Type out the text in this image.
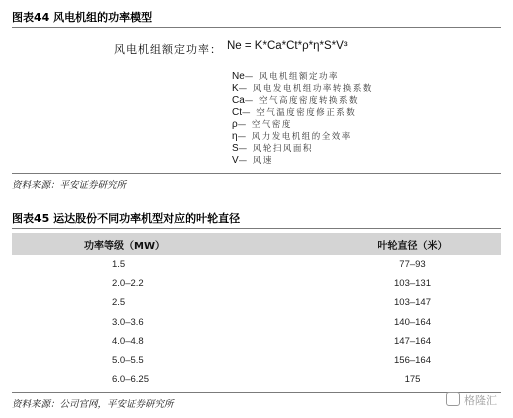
图表44 风电机组的功率模型
风电机组额定功率： Ne = K*Ca*Ct*ρ*η*S*V³
Ne— 风电机组额定功率
K— 风电发电机组功率转换系数
Ca— 空气高度密度转换系数
Ct— 空气温度密度修正系数
ρ— 空气密度
η— 风力发电机组的全效率
S— 风轮扫风面积
V— 风速
资料来源：平安证券研究所
图表45 运达股份不同功率机型对应的叶轮直径
功率等级（MW）	叶轮直径（米）
1.5	77–93
2.0–2.2	103–131
2.5	103–147
3.0–3.6	140–164
4.0–4.8	147–164
5.0–5.5	156–164
6.0–6.25	175
资料来源：公司官网，平安证券研究所	格隆汇
